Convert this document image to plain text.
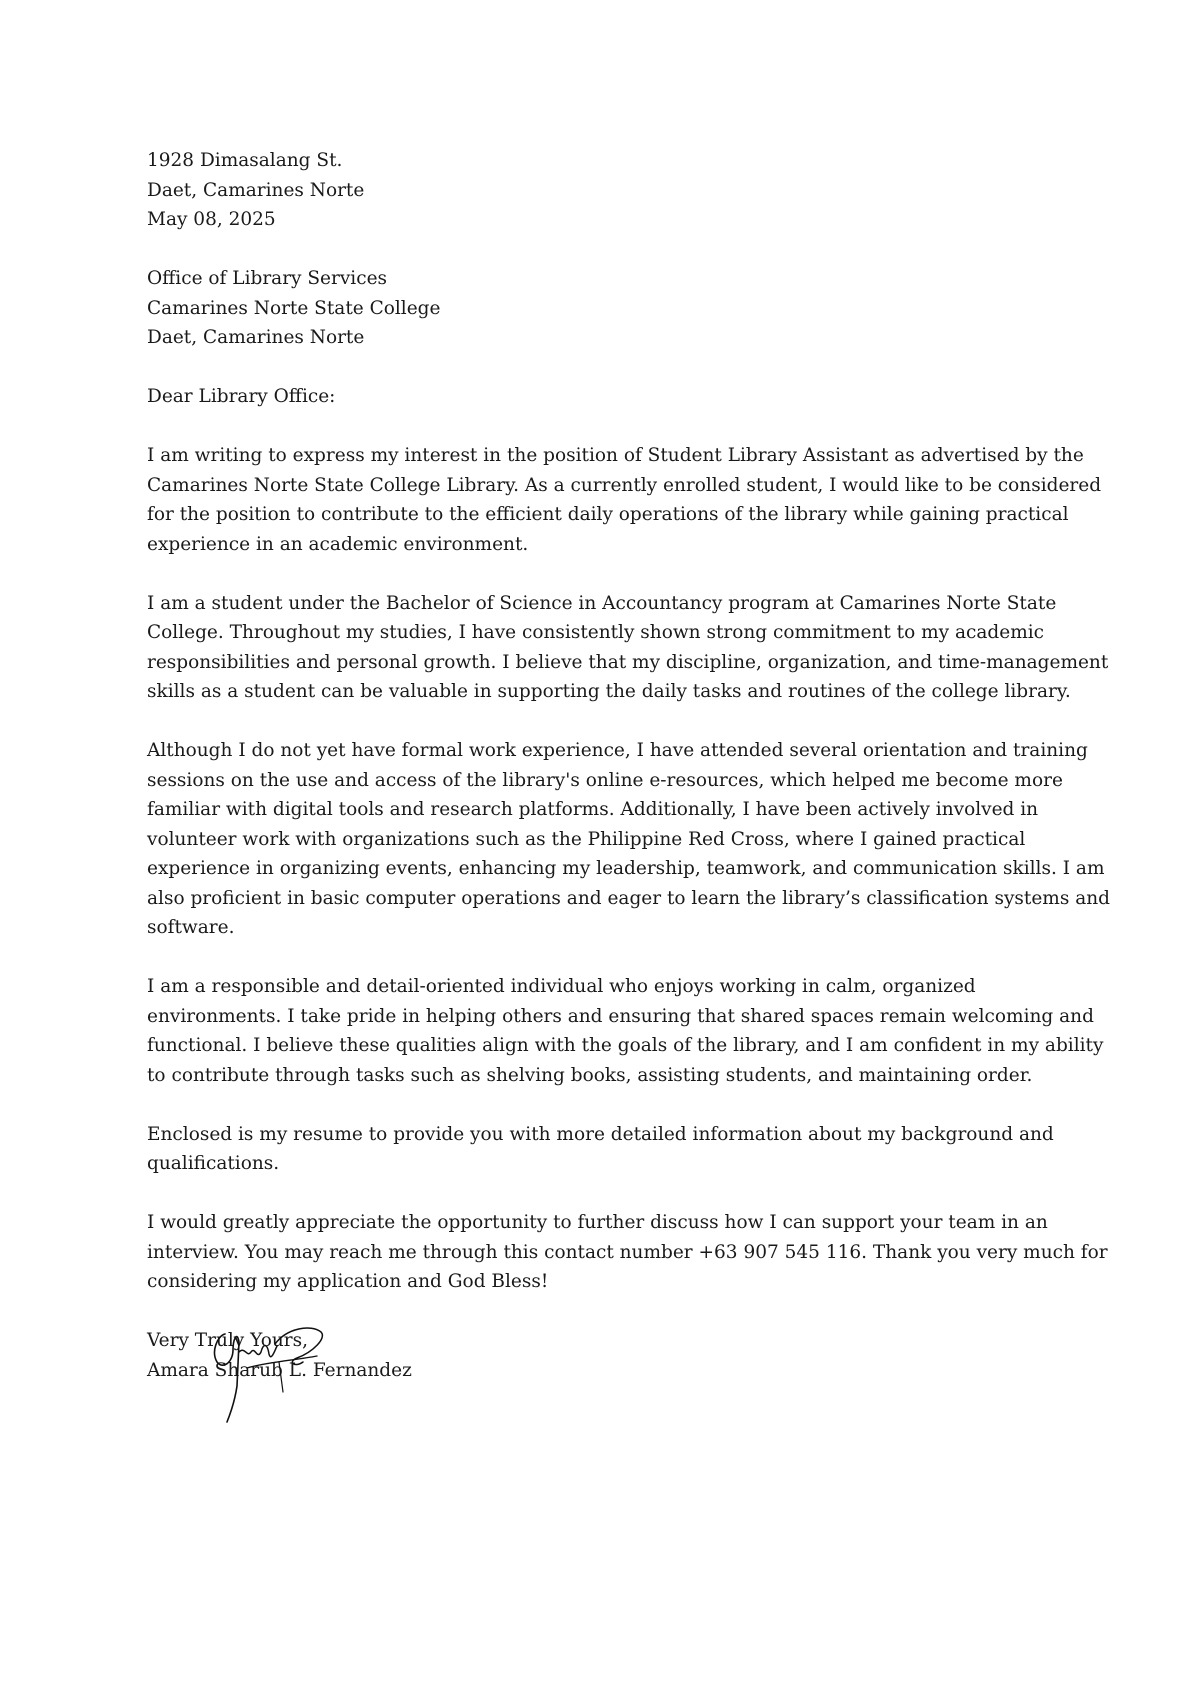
1928 Dimasalang St.
Daet, Camarines Norte
May 08, 2025
Office of Library Services
Camarines Norte State College
Daet, Camarines Norte
Dear Library Office:
I am writing to express my interest in the position of Student Library Assistant as advertised by the
Camarines Norte State College Library. As a currently enrolled student, I would like to be considered
for the position to contribute to the efficient daily operations of the library while gaining practical
experience in an academic environment.
I am a student under the Bachelor of Science in Accountancy program at Camarines Norte State
College. Throughout my studies, I have consistently shown strong commitment to my academic
responsibilities and personal growth. I believe that my discipline, organization, and time-management
skills as a student can be valuable in supporting the daily tasks and routines of the college library.
Although I do not yet have formal work experience, I have attended several orientation and training
sessions on the use and access of the library's online e-resources, which helped me become more
familiar with digital tools and research platforms. Additionally, I have been actively involved in
volunteer work with organizations such as the Philippine Red Cross, where I gained practical
experience in organizing events, enhancing my leadership, teamwork, and communication skills. I am
also proficient in basic computer operations and eager to learn the library’s classification systems and
software.
I am a responsible and detail-oriented individual who enjoys working in calm, organized
environments. I take pride in helping others and ensuring that shared spaces remain welcoming and
functional. I believe these qualities align with the goals of the library, and I am confident in my ability
to contribute through tasks such as shelving books, assisting students, and maintaining order.
Enclosed is my resume to provide you with more detailed information about my background and
qualifications.
I would greatly appreciate the opportunity to further discuss how I can support your team in an
interview. You may reach me through this contact number +63 907 545 116. Thank you very much for
considering my application and God Bless!
Very Truly Yours,
Amara Sharub L. Fernandez
